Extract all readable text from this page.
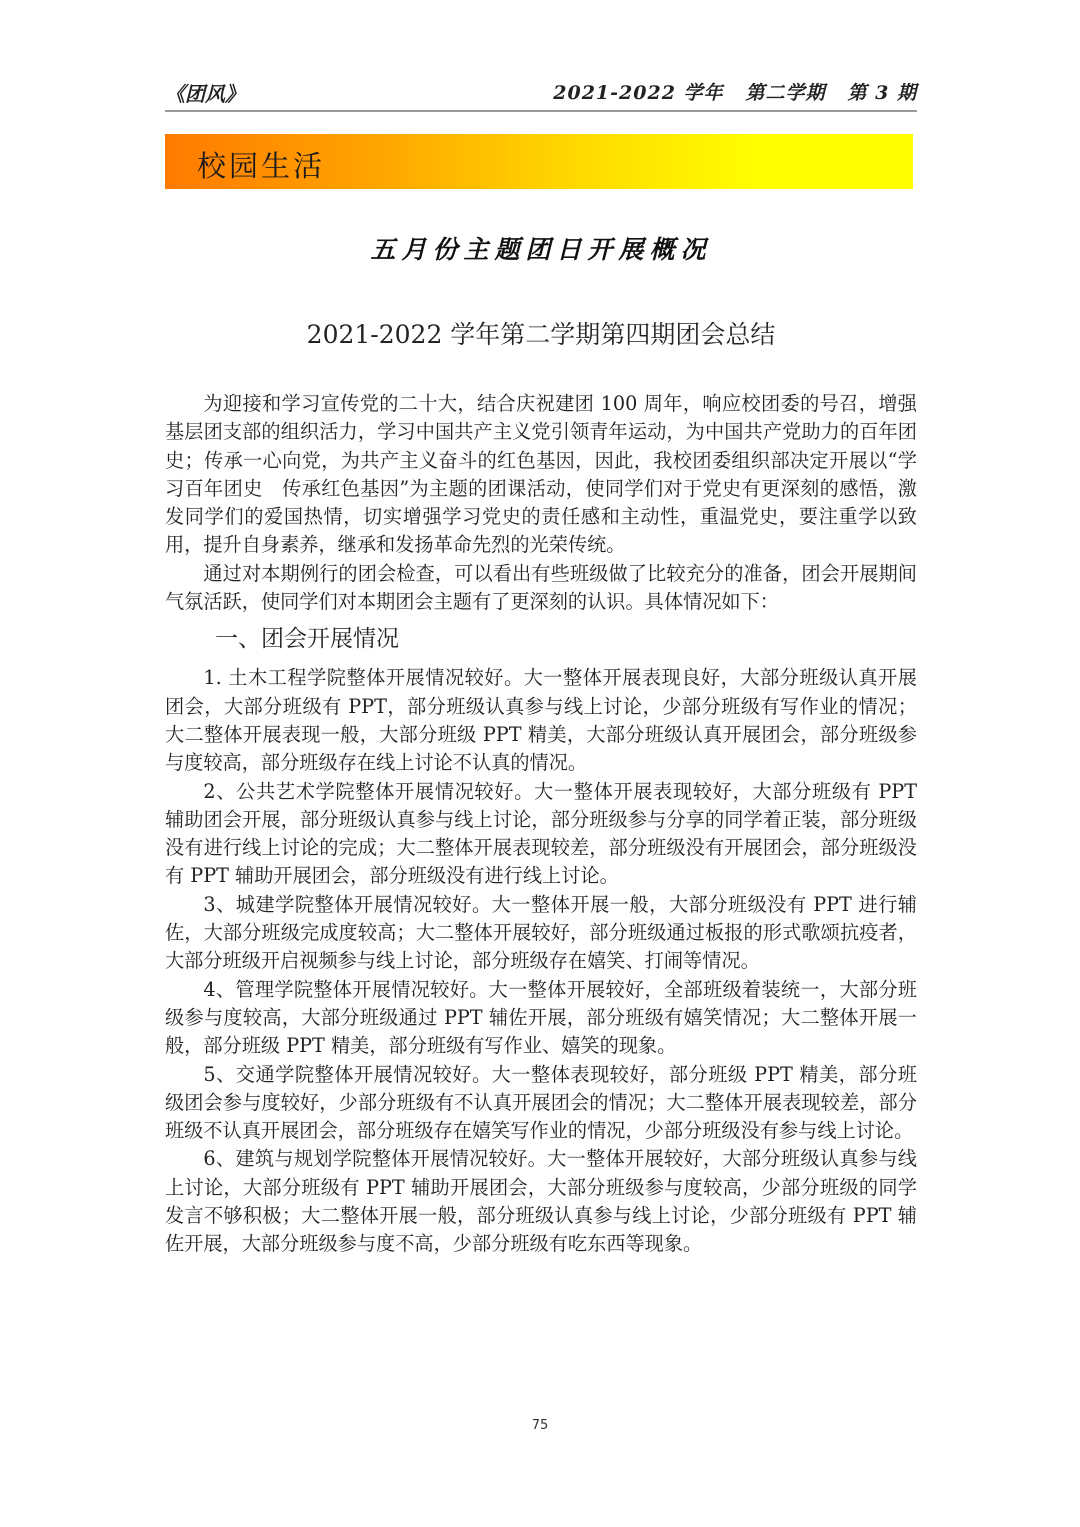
《团风》	2021-2022 学年 第二学期 第 3 期
校园生活
五月份主题团日开展概况
2021-2022 学年第二学期第四期团会总结

为迎接和学习宣传党的二十大，结合庆祝建团 100 周年，响应校团委的号召，增强基层团支部的组织活力，学习中国共产主义党引领青年运动，为中国共产党助力的百年团史；传承一心向党，为共产主义奋斗的红色基因，因此，我校团委组织部决定开展以“学习百年团史　传承红色基因”为主题的团课活动，使同学们对于党史有更深刻的感悟，激发同学们的爱国热情，切实增强学习党史的责任感和主动性，重温党史，要注重学以致用，提升自身素养，继承和发扬革命先烈的光荣传统。

通过对本期例行的团会检查，可以看出有些班级做了比较充分的准备，团会开展期间气氛活跃，使同学们对本期团会主题有了更深刻的认识。具体情况如下：

一、团会开展情况

1. 土木工程学院整体开展情况较好。大一整体开展表现良好，大部分班级认真开展团会，大部分班级有 PPT，部分班级认真参与线上讨论，少部分班级有写作业的情况；大二整体开展表现一般，大部分班级 PPT 精美，大部分班级认真开展团会，部分班级参与度较高，部分班级存在线上讨论不认真的情况。

2、公共艺术学院整体开展情况较好。大一整体开展表现较好，大部分班级有 PPT 辅助团会开展，部分班级认真参与线上讨论，部分班级参与分享的同学着正装，部分班级没有进行线上讨论的完成；大二整体开展表现较差，部分班级没有开展团会，部分班级没有 PPT 辅助开展团会，部分班级没有进行线上讨论。

3、城建学院整体开展情况较好。大一整体开展一般，大部分班级没有 PPT 进行辅佐，大部分班级完成度较高；大二整体开展较好，部分班级通过板报的形式歌颂抗疫者，大部分班级开启视频参与线上讨论，部分班级存在嬉笑、打闹等情况。

4、管理学院整体开展情况较好。大一整体开展较好，全部班级着装统一，大部分班级参与度较高，大部分班级通过 PPT 辅佐开展，部分班级有嬉笑情况；大二整体开展一般，部分班级 PPT 精美，部分班级有写作业、嬉笑的现象。

5、交通学院整体开展情况较好。大一整体表现较好，部分班级 PPT 精美，部分班级团会参与度较好，少部分班级有不认真开展团会的情况；大二整体开展表现较差，部分班级不认真开展团会，部分班级存在嬉笑写作业的情况，少部分班级没有参与线上讨论。

6、建筑与规划学院整体开展情况较好。大一整体开展较好，大部分班级认真参与线上讨论，大部分班级有 PPT 辅助开展团会，大部分班级参与度较高，少部分班级的同学发言不够积极；大二整体开展一般，部分班级认真参与线上讨论，少部分班级有 PPT 辅佐开展，大部分班级参与度不高，少部分班级有吃东西等现象。

75
